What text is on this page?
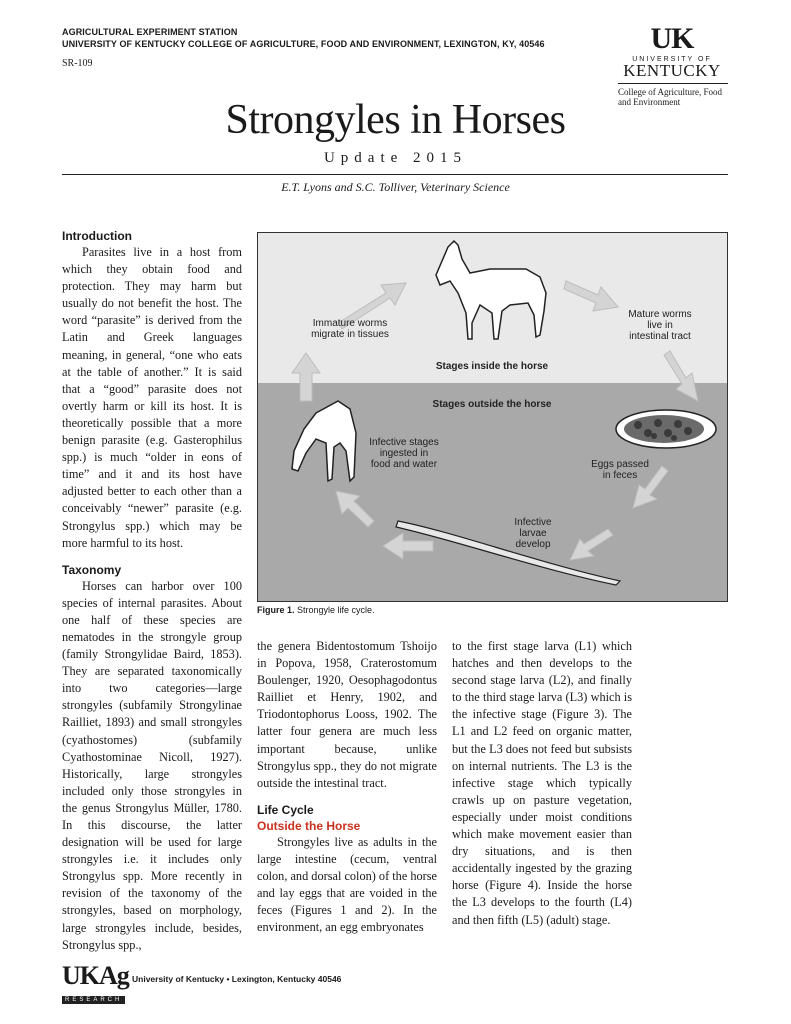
AGRICULTURAL EXPERIMENT STATION
UNIVERSITY OF KENTUCKY COLLEGE OF AGRICULTURE, FOOD AND ENVIRONMENT, LEXINGTON, KY, 40546
SR-109
UK
UNIVERSITY OF
KENTUCKY
College of Agriculture, Food and Environment
Strongyles in Horses
Update 2015
E.T. Lyons and S.C. Tolliver, Veterinary Science

Introduction

Parasites live in a host from which they obtain food and protection. They may harm but usually do not benefit the host. The word “parasite” is derived from the Latin and Greek languages meaning, in general, “one who eats at the table of another.” It is said that a “good” parasite does not overtly harm or kill its host. It is theoretically possible that a more benign parasite (e.g. Gasterophilus spp.) is much “older in eons of time” and it and its host have adjusted better to each other than a conceivably “newer” parasite (e.g. Strongylus spp.) which may be more harmful to its host.

Taxonomy

Horses can harbor over 100 species of internal parasites. About one half of these species are nematodes in the strongyle group (family Strongylidae Baird, 1853). They are separated taxonomically into two categories—large strongyles (subfamily Strongylinae Railliet, 1893) and small strongyles (cyathostomes) (subfamily Cyathostominae Nicoll, 1927). Historically, large strongyles included only those strongyles in the genus Strongylus Müller, 1780. In this discourse, the latter designation will be used for large strongyles i.e. it includes only Strongylus spp. More recently in revision of the taxonomy of the strongyles, based on morphology, large strongyles include, besides, Strongylus spp.,

Immature worms
migrate in tissues
Mature worms
live in
intestinal tract
Stages inside the horse
Stages outside the horse
Infective stages
ingested in
food and water	Eggs passed
in feces
Infective
larvae
develop
Figure 1. Strongyle life cycle.

the genera Bidentostomum Tshoijo in Popova, 1958, Craterostomum Boulenger, 1920, Oesophagodontus Railliet et Henry, 1902, and Triodontophorus Looss, 1902. The latter four genera are much less important because, unlike Strongylus spp., they do not migrate outside the intestinal tract.

Life Cycle

Outside the Horse

Strongyles live as adults in the large intestine (cecum, ventral colon, and dorsal colon) of the horse and lay eggs that are voided in the feces (Figures 1 and 2). In the environment, an egg embryonates

to the first stage larva (L1) which hatches and then develops to the second stage larva (L2), and finally to the third stage larva (L3) which is the infective stage (Figure 3). The L1 and L2 feed on organic matter, but the L3 does not feed but subsists on internal nutrients. The L3 is the infective stage which typically crawls up on pasture vegetation, especially under moist conditions which make movement easier than dry situations, and is then accidentally ingested by the grazing horse (Figure 4). Inside the horse the L3 develops to the fourth (L4) and then fifth (L5) (adult) stage.

UKAg
RESEARCH
University of Kentucky • Lexington, Kentucky 40546
